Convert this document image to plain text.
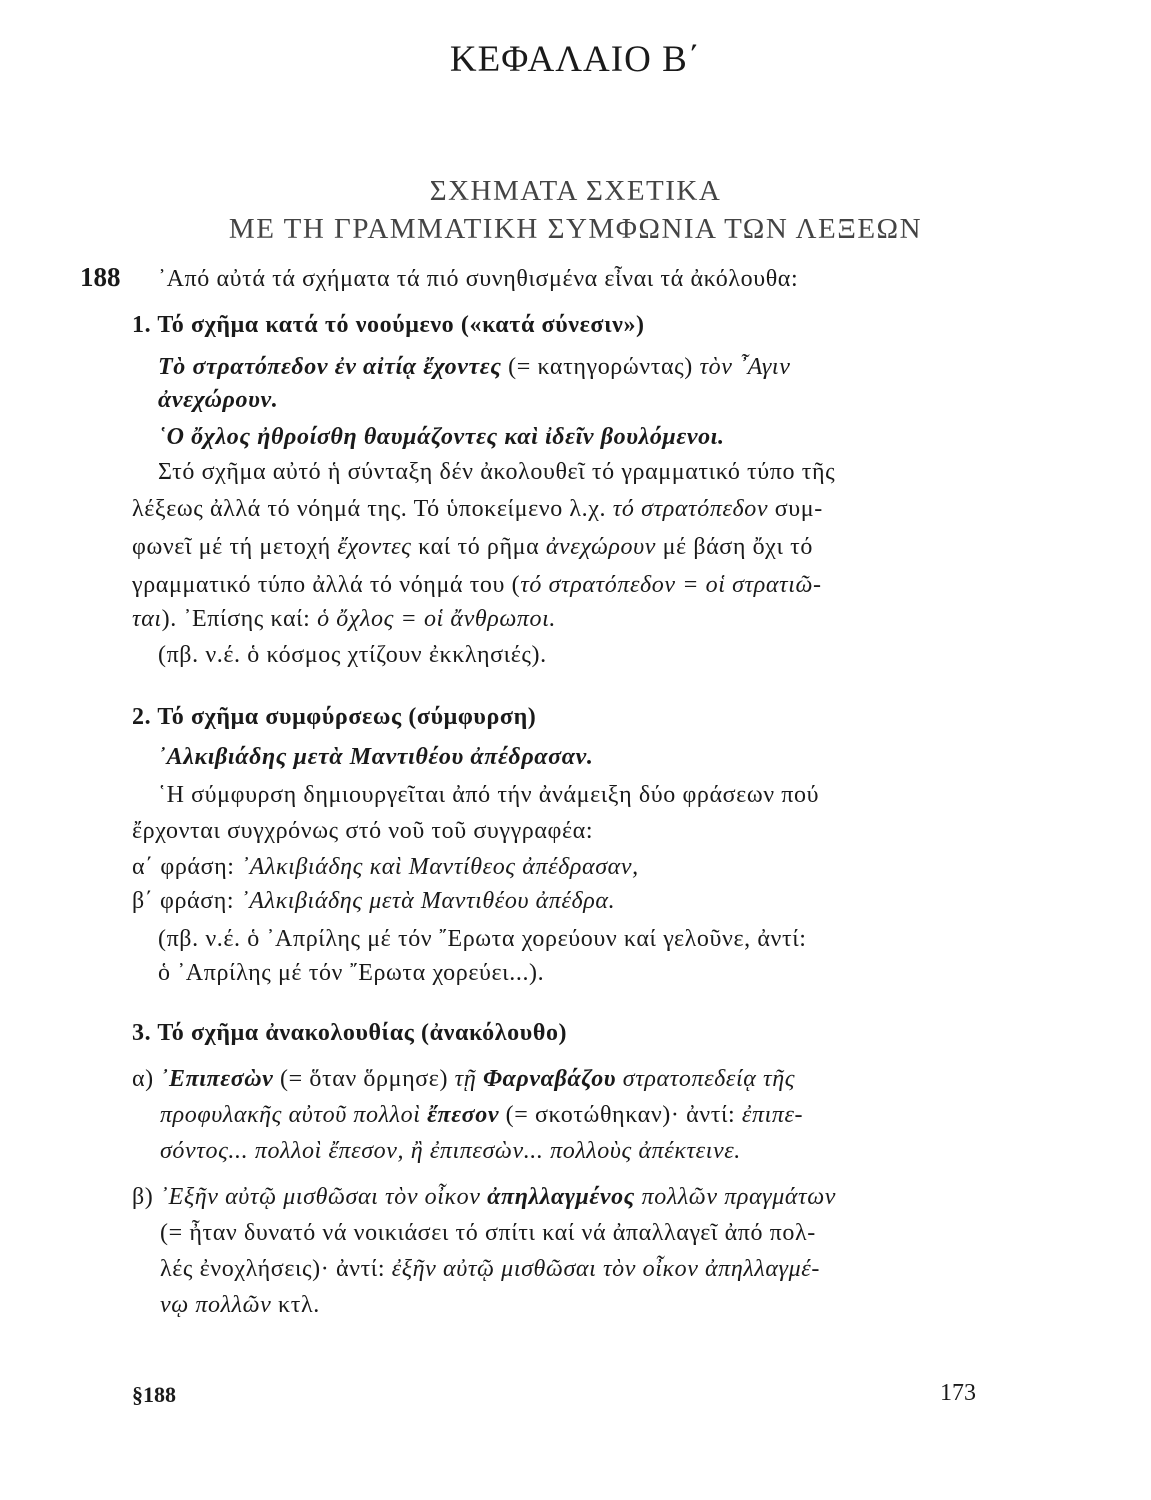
ΚΕΦΑΛΑΙΟ Β΄
ΣΧΗΜΑΤΑ ΣΧΕΤΙΚΑ
ΜΕ ΤΗ ΓΡΑΜΜΑΤΙΚΗ ΣΥΜΦΩΝΙΑ ΤΩΝ ΛΕΞΕΩΝ
188 ᾿Από αὐτά τά σχήματα τά πιό συνηθισμένα εἶναι τά ἀκόλουθα:
1. Τό σχῆμα κατά τό νοούμενο («κατά σύνεσιν»)
Τὸ στρατόπεδον ἐν αἰτίᾳ ἔχοντες (= κατηγορώντας) τὸν ῏Αγιν
ἀνεχώρουν.
῾Ο ὄχλος ἠθροίσθη θαυμάζοντες καὶ ἰδεῖν βουλόμενοι.
Στό σχῆμα αὐτό ἡ σύνταξη δέν ἀκολουθεῖ τό γραμματικό τύπο τῆς
λέξεως ἀλλά τό νόημά της. Τό ὑποκείμενο λ.χ. τό στρατόπεδον συμ-
φωνεῖ μέ τή μετοχή ἔχοντες καί τό ρῆμα ἀνεχώρουν μέ βάση ὄχι τό
γραμματικό τύπο ἀλλά τό νόημά του (τό στρατόπεδον = οἱ στρατιῶ-
ται). ᾿Επίσης καί: ὁ ὄχλος = οἱ ἄνθρωποι.
(πβ. ν.έ. ὁ κόσμος χτίζουν ἐκκλησιές).
2. Τό σχῆμα συμφύρσεως (σύμφυρση)
᾿Αλκιβιάδης μετὰ Μαντιθέου ἀπέδρασαν.
῾Η σύμφυρση δημιουργεῖται ἀπό τήν ἀνάμειξη δύο φράσεων πού
ἔρχονται συγχρόνως στό νοῦ τοῦ συγγραφέα:
α΄ φράση: ᾿Αλκιβιάδης καὶ Μαντίθεος ἀπέδρασαν,
β΄ φράση: ᾿Αλκιβιάδης μετὰ Μαντιθέου ἀπέδρα.
(πβ. ν.έ. ὁ ᾿Απρίλης μέ τόν ῎Ερωτα χορεύουν καί γελοῦνε, ἀντί:
ὁ ᾿Απρίλης μέ τόν ῎Ερωτα χορεύει...).
3. Τό σχῆμα ἀνακολουθίας (ἀνακόλουθο)
α) ᾿Επιπεσὼν (= ὅταν ὅρμησε) τῇ Φαρναβάζου στρατοπεδείᾳ τῆς
προφυλακῆς αὐτοῦ πολλοὶ ἔπεσον (= σκοτώθηκαν)· ἀντί: ἐπιπε-
σόντος... πολλοὶ ἔπεσον, ἢ ἐπιπεσὼν... πολλοὺς ἀπέκτεινε.
β) ᾿Εξῆν αὐτῷ μισθῶσαι τὸν οἶκον ἀπηλλαγμένος πολλῶν πραγμάτων
(= ἦταν δυνατό νά νοικιάσει τό σπίτι καί νά ἀπαλλαγεῖ ἀπό πολ-
λές ἐνοχλήσεις)· ἀντί: ἐξῆν αὐτῷ μισθῶσαι τὸν οἶκον ἀπηλλαγμέ-
νῳ πολλῶν κτλ.
§188	173
